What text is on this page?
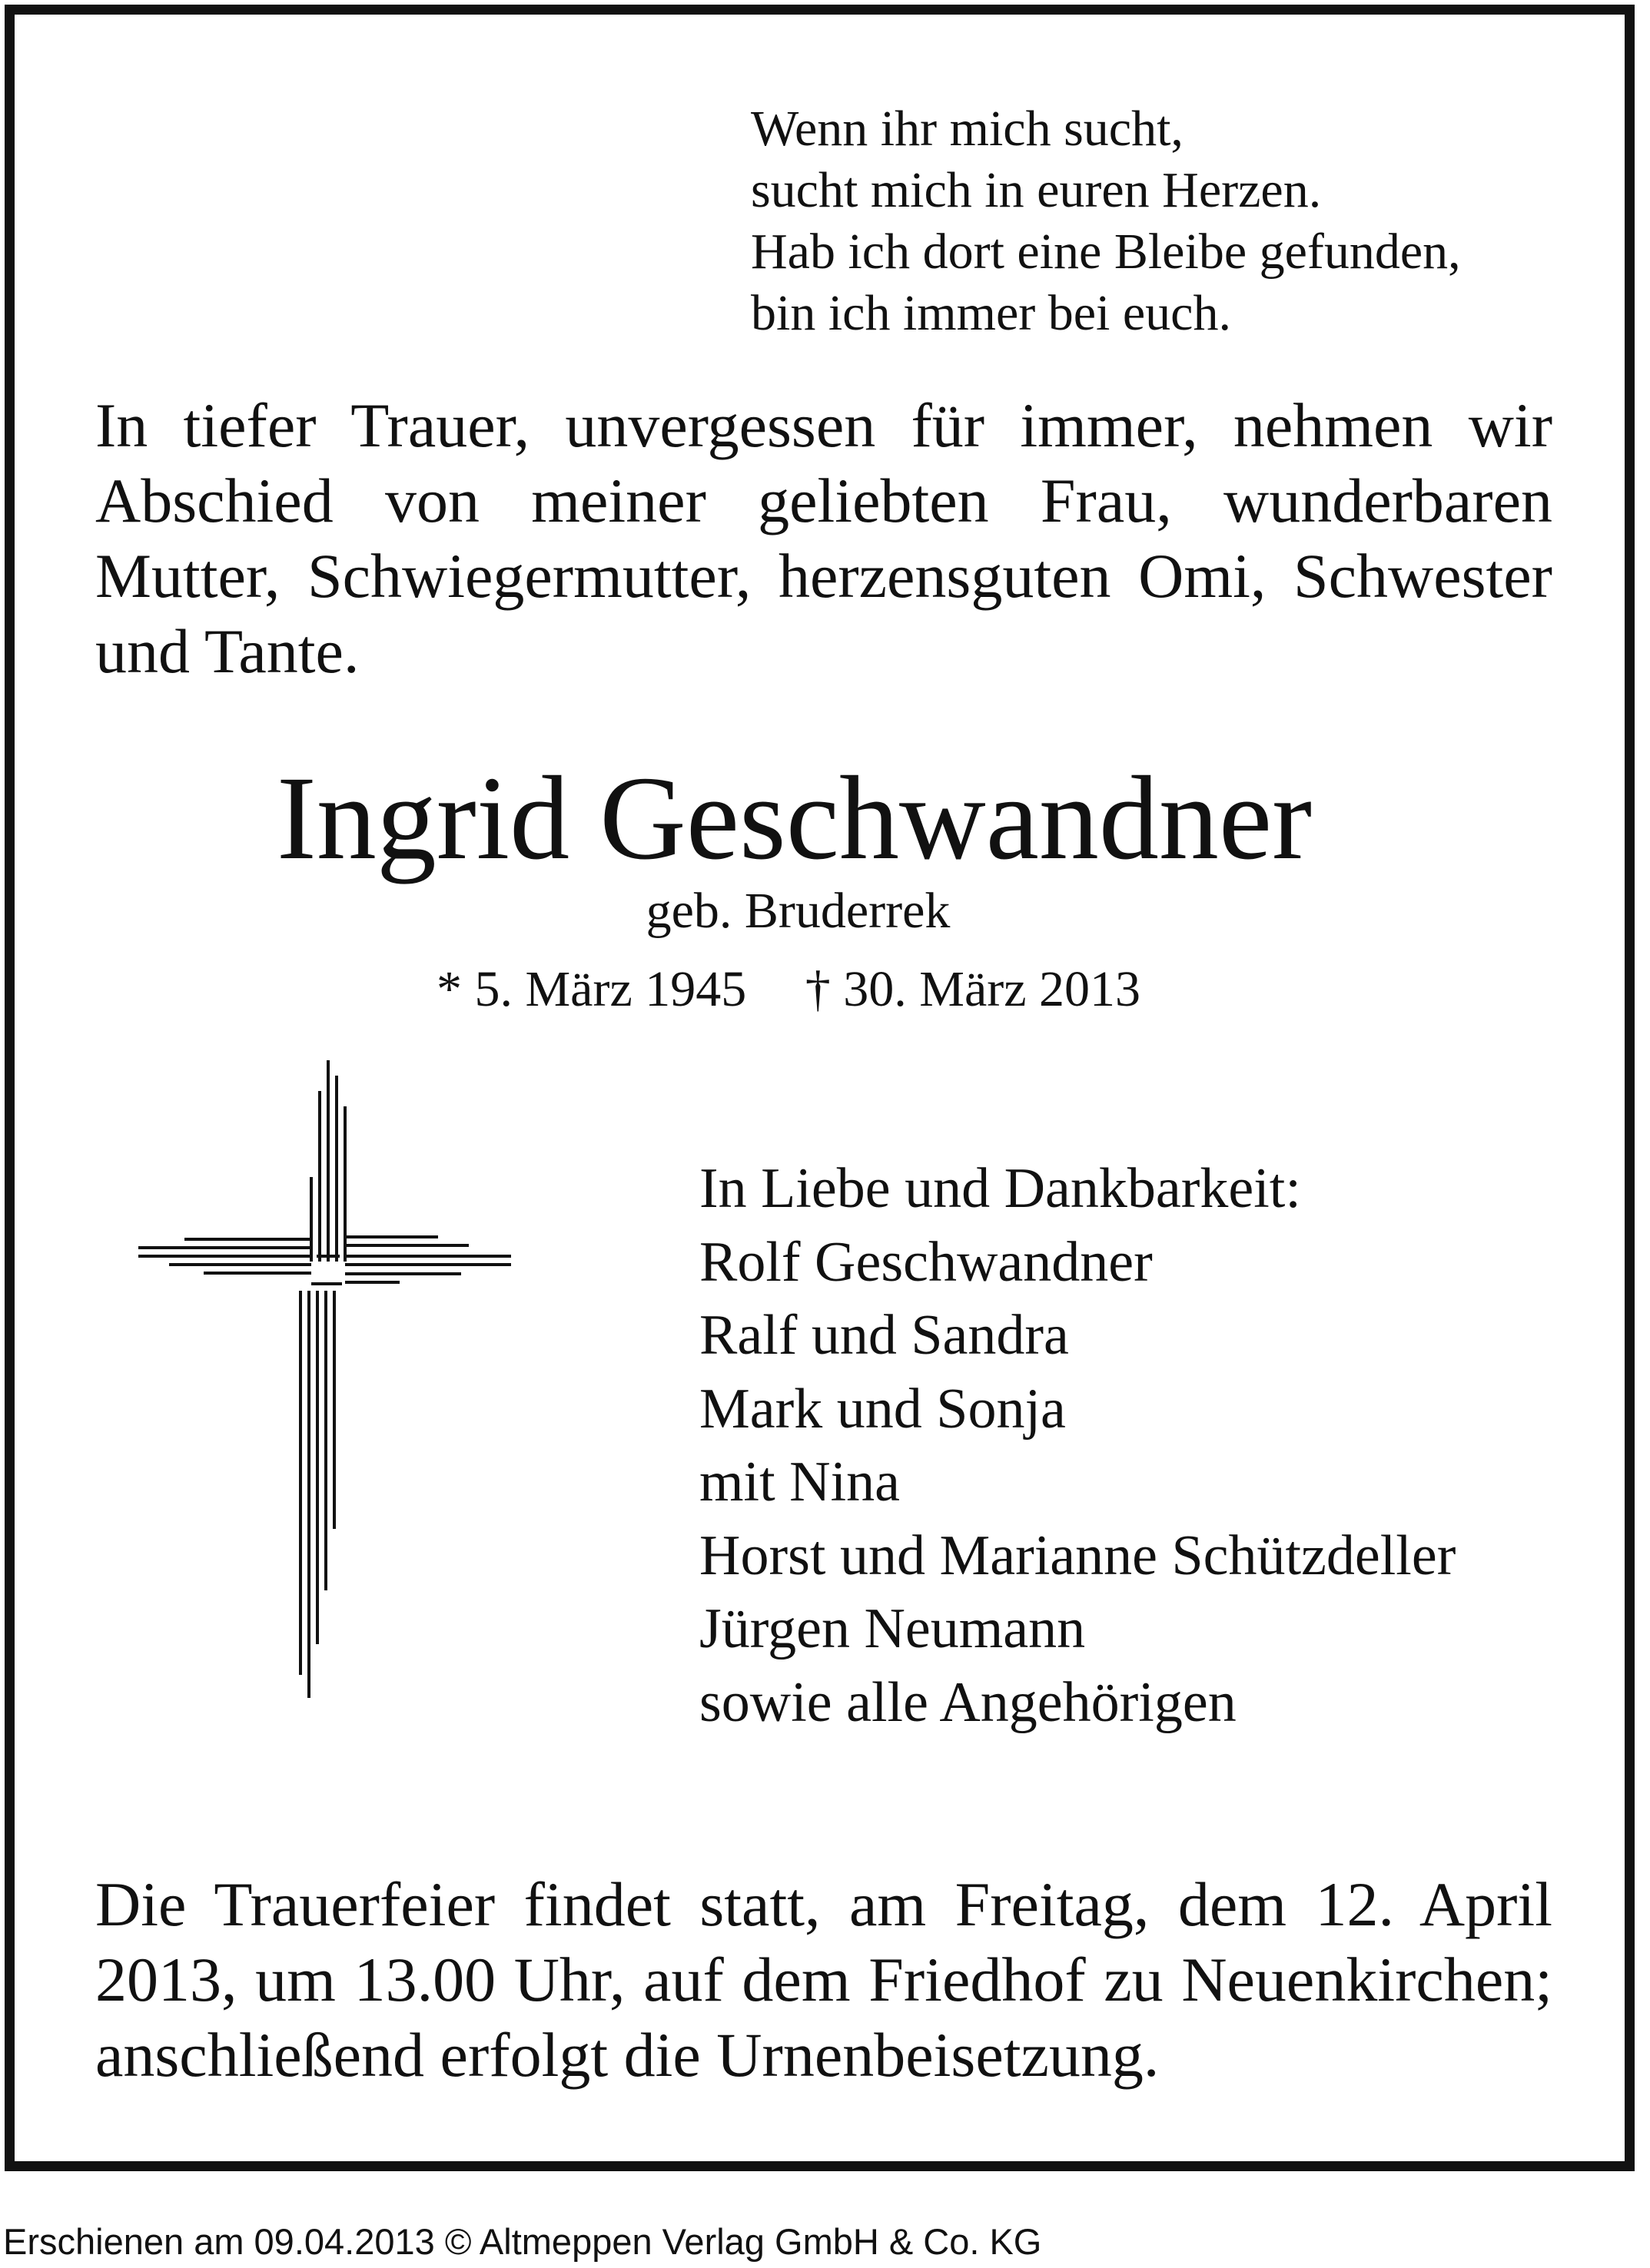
Wenn ihr mich sucht,
sucht mich in euren Herzen.
Hab ich dort eine Bleibe gefunden,
bin ich immer bei euch.
In tiefer Trauer, unvergessen für immer, nehmen wir Abschied von meiner geliebten Frau, wunderbaren Mutter, Schwiegermutter, herzensguten Omi, Schwester und Tante.
Ingrid Geschwandner
geb. Bruderrek
* 5. März 1945 † 30. März 2013
In Liebe und Dankbarkeit:
Rolf Geschwandner
Ralf und Sandra
Mark und Sonja
mit Nina
Horst und Marianne Schützdeller
Jürgen Neumann
sowie alle Angehörigen
Die Trauerfeier findet statt, am Freitag, dem 12. April 2013, um 13.00 Uhr, auf dem Friedhof zu Neuenkirchen; anschließend erfolgt die Urnenbeisetzung.
Erschienen am 09.04.2013 © Altmeppen Verlag GmbH & Co. KG
